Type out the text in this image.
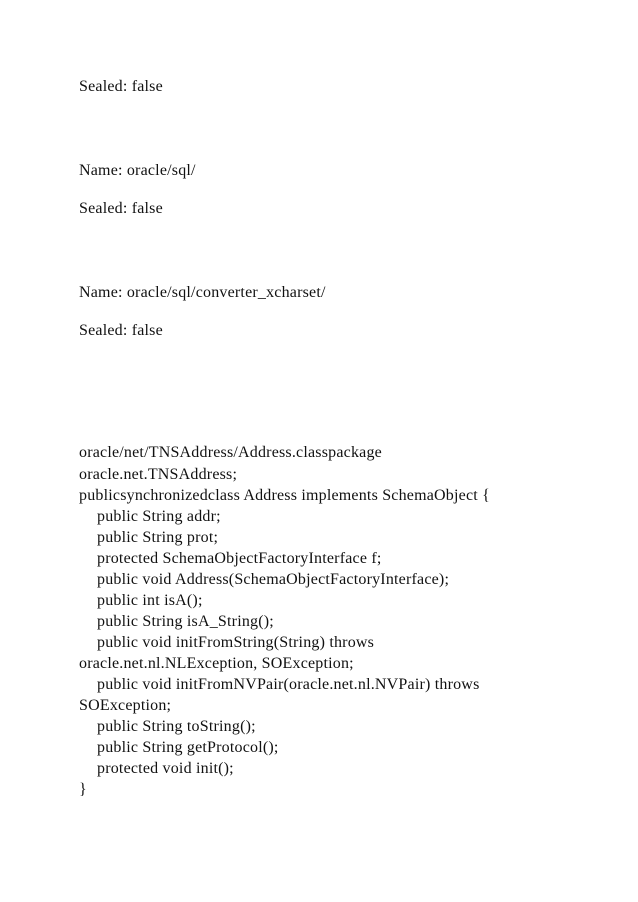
Sealed: false
Name: oracle/sql/
Sealed: false
Name: oracle/sql/converter_xcharset/
Sealed: false
oracle/net/TNSAddress/Address.classpackage
oracle.net.TNSAddress;
publicsynchronizedclass Address implements SchemaObject {
public String addr;
public String prot;
protected SchemaObjectFactoryInterface f;
public void Address(SchemaObjectFactoryInterface);
public int isA();
public String isA_String();
public void initFromString(String) throws
oracle.net.nl.NLException, SOException;
public void initFromNVPair(oracle.net.nl.NVPair) throws
SOException;
public String toString();
public String getProtocol();
protected void init();
}
